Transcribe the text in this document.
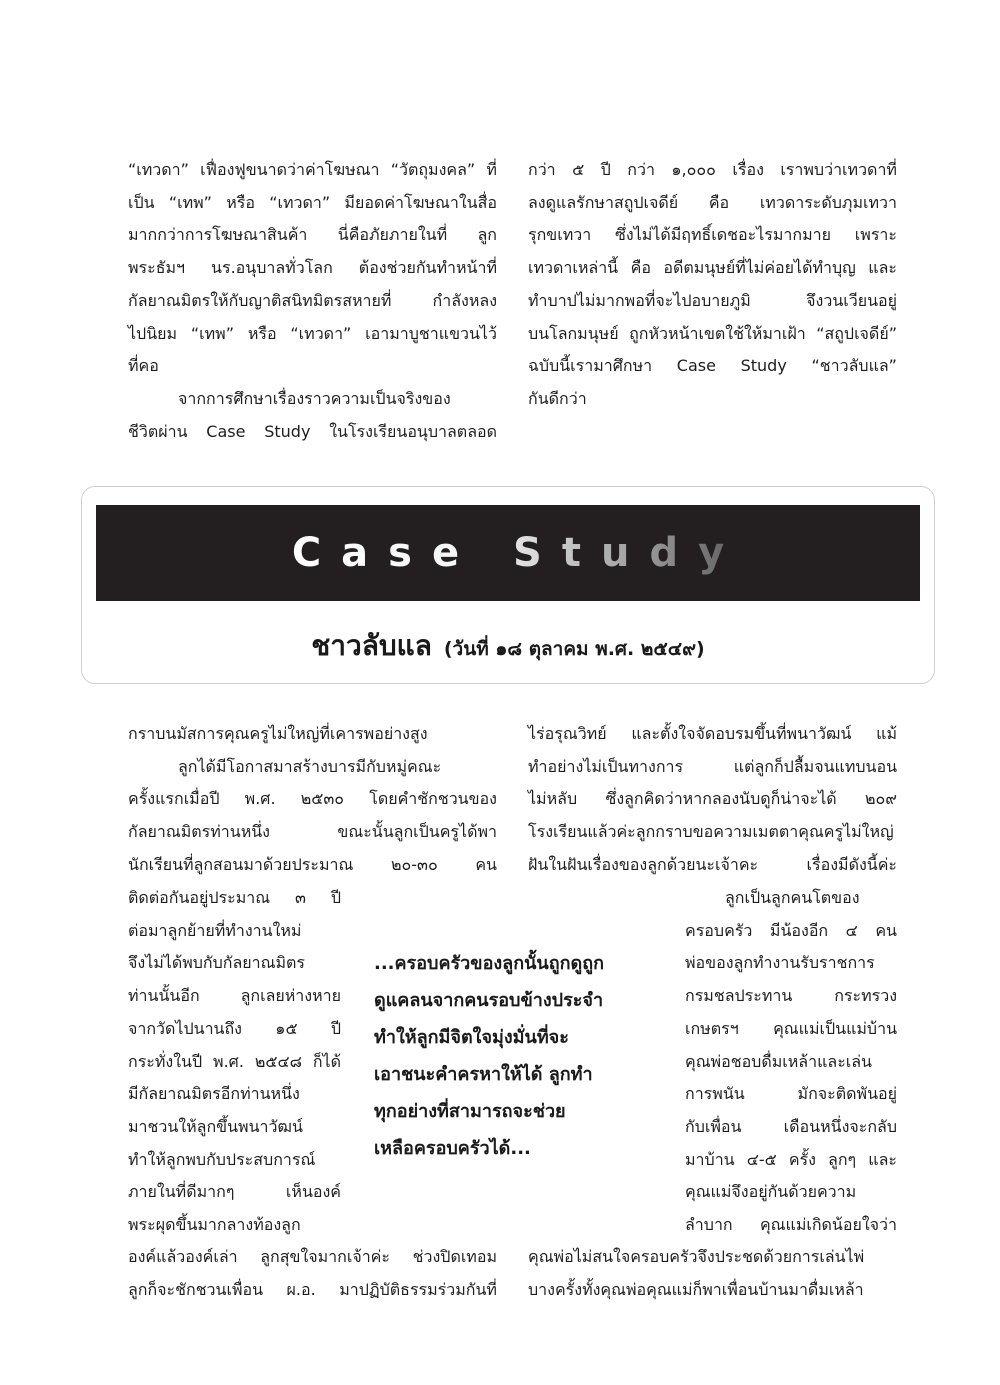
“เทวดา” เฟื่องฟูขนาดว่าค่าโฆษณา “วัตถุมงคล” ที่
เป็น “เทพ” หรือ “เทวดา” มียอดค่าโฆษณาในสื่อ
มากกว่าการโฆษณาสินค้า นี่คือภัยภายในที่ ลูก
พระธัมฯ นร.อนุบาลทั่วโลก ต้องช่วยกันทำหน้าที่
กัลยาณมิตรให้กับญาติสนิทมิตรสหายที่	กำลังหลง
ไปนิยม “เทพ” หรือ “เทวดา” เอามาบูชาแขวนไว้
ที่คอ
จากการศึกษาเรื่องราวความเป็นจริงของ
ชีวิตผ่าน Case Study ในโรงเรียนอนุบาลตลอด
กว่า ๕ ปี กว่า ๑,๐๐๐ เรื่อง เราพบว่าเทวดาที่
ลงดูแลรักษาสถูปเจดีย์ คือ เทวดาระดับภุมเทวา
รุกขเทวา ซึ่งไม่ได้มีฤทธิ์เดชอะไรมากมาย เพราะ
เทวดาเหล่านี้ คือ อดีตมนุษย์ที่ไม่ค่อยได้ทำบุญ และ
ทำบาปไม่มากพอที่จะไปอบายภูมิ	จึงวนเวียนอยู่
บนโลกมนุษย์ ถูกหัวหน้าเขตใช้ให้มาเฝ้า “สถูปเจดีย์”
ฉบับนี้เรามาศึกษา Case Study “ชาวลับแล”
กันดีกว่า
Case Study
ชาวลับแล (วันที่ ๑๘ ตุลาคม พ.ศ. ๒๕๔๙)
กราบนมัสการคุณครูไม่ใหญ่ที่เคารพอย่างสูง
ลูกได้มีโอกาสมาสร้างบารมีกับหมู่คณะ
ครั้งแรกเมื่อปี พ.ศ. ๒๕๓๐ โดยคำชักชวนของ
กัลยาณมิตรท่านหนึ่ง	ขณะนั้นลูกเป็นครูได้พา
นักเรียนที่ลูกสอนมาด้วยประมาณ ๒๐-๓๐ คน
ติดต่อกันอยู่ประมาณ ๓ ปี
ต่อมาลูกย้ายที่ทำงานใหม่
จึงไม่ได้พบกับกัลยาณมิตร
ท่านนั้นอีก	ลูกเลยห่างหาย
จากวัดไปนานถึง ๑๕ ปี
กระทั่งในปี พ.ศ. ๒๕๔๘ ก็ได้
มีกัลยาณมิตรอีกท่านหนึ่ง
มาชวนให้ลูกขึ้นพนาวัฒน์
ทำให้ลูกพบกับประสบการณ์
ภายในที่ดีมากๆ	เห็นองค์
พระผุดขึ้นมากลางท้องลูก
องค์แล้วองค์เล่า ลูกสุขใจมากเจ้าค่ะ ช่วงปิดเทอม
ลูกก็จะชักชวนเพื่อน ผ.อ. มาปฏิบัติธรรมร่วมกันที่
ไร่อรุณวิทย์ และตั้งใจจัดอบรมขึ้นที่พนาวัฒน์ แม้
ทำอย่างไม่เป็นทางการ	แต่ลูกก็ปลื้มจนแทบนอน
ไม่หลับ ซึ่งลูกคิดว่าหากลองนับดูก็น่าจะได้ ๒๐๙
โรงเรียนแล้วค่ะลูกกราบขอความเมตตาคุณครูไม่ใหญ่
ฝันในฝันเรื่องของลูกด้วยนะเจ้าคะ	เรื่องมีดังนี้ค่ะ
ลูกเป็นลูกคนโตของ
ครอบครัว มีน้องอีก ๔ คน
พ่อของลูกทำงานรับราชการ
กรมชลประทาน	กระทรวง
เกษตรฯ คุณแม่เป็นแม่บ้าน
คุณพ่อชอบดื่มเหล้าและเล่น
การพนัน	มักจะติดพันอยู่
กับเพื่อน	เดือนหนึ่งจะกลับ
มาบ้าน ๔-๕ ครั้ง ลูกๆ และ
คุณแม่จึงอยู่กันด้วยความ
ลำบาก คุณแม่เกิดน้อยใจว่า
คุณพ่อไม่สนใจครอบครัวจึงประชดด้วยการเล่นไพ่
บางครั้งทั้งคุณพ่อคุณแม่ก็พาเพื่อนบ้านมาดื่มเหล้า
...ครอบครัวของลูกนั้นถูกดูถูก
ดูแคลนจากคนรอบข้างประจำ
ทำให้ลูกมีจิตใจมุ่งมั่นที่จะ
เอาชนะคำครหาให้ได้ ลูกทำ
ทุกอย่างที่สามารถจะช่วย
เหลือครอบครัวได้...
